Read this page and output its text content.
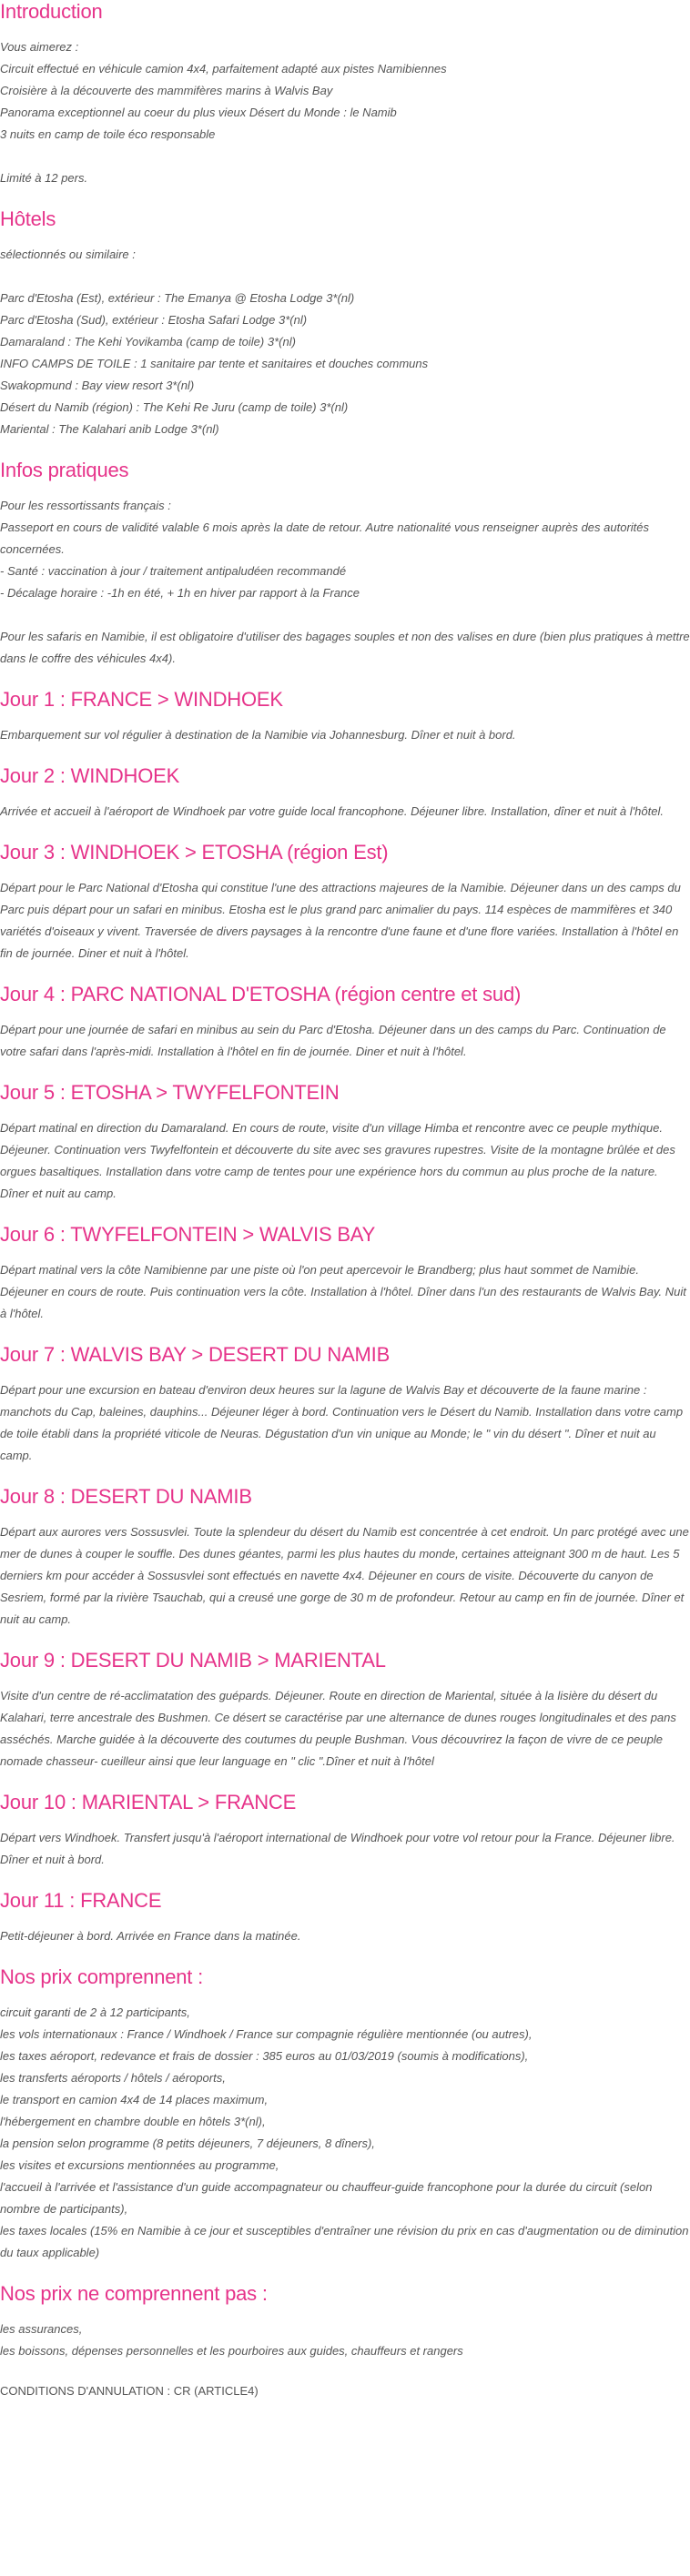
Introduction
Vous aimerez :
Circuit effectué en véhicule camion 4x4, parfaitement adapté aux pistes Namibiennes
Croisière à la découverte des mammifères marins à Walvis Bay
Panorama exceptionnel au coeur du plus vieux Désert du Monde : le Namib
3 nuits en camp de toile éco responsable
Limité à 12 pers.
Hôtels
sélectionnés ou similaire :
Parc d'Etosha (Est), extérieur : The Emanya @ Etosha Lodge 3*(nl)
Parc d'Etosha (Sud), extérieur : Etosha Safari Lodge 3*(nl)
Damaraland : The Kehi Yovikamba (camp de toile) 3*(nl)
INFO CAMPS DE TOILE : 1 sanitaire par tente et sanitaires et douches communs
Swakopmund : Bay view resort 3*(nl)
Désert du Namib (région) : The Kehi Re Juru (camp de toile) 3*(nl)
Mariental : The Kalahari anib Lodge 3*(nl)
Infos pratiques
Pour les ressortissants français :
Passeport en cours de validité valable 6 mois après la date de retour. Autre nationalité vous renseigner auprès des autorités concernées.
- Santé : vaccination à jour / traitement antipaludéen recommandé
- Décalage horaire : -1h en été, + 1h en hiver par rapport à la France
Pour les safaris en Namibie, il est obligatoire d'utiliser des bagages souples et non des valises en dure (bien plus pratiques à mettre dans le coffre des véhicules 4x4).
Jour 1 : FRANCE > WINDHOEK

Embarquement sur vol régulier à destination de la Namibie via Johannesburg. Dîner et nuit à bord.

Jour 2 : WINDHOEK

Arrivée et accueil à l'aéroport de Windhoek par votre guide local francophone. Déjeuner libre. Installation, dîner et nuit à l'hôtel.

Jour 3 : WINDHOEK > ETOSHA (région Est)

Départ pour le Parc National d'Etosha qui constitue l'une des attractions majeures de la Namibie. Déjeuner dans un des camps du Parc puis départ pour un safari en minibus. Etosha est le plus grand parc animalier du pays. 114 espèces de mammifères et 340 variétés d'oiseaux y vivent. Traversée de divers paysages à la rencontre d'une faune et d'une flore variées. Installation à l'hôtel en fin de journée. Diner et nuit à l'hôtel.

Jour 4 : PARC NATIONAL D'ETOSHA (région centre et sud)

Départ pour une journée de safari en minibus au sein du Parc d'Etosha. Déjeuner dans un des camps du Parc. Continuation de votre safari dans l'après-midi. Installation à l'hôtel en fin de journée. Diner et nuit à l'hôtel.

Jour 5 : ETOSHA > TWYFELFONTEIN

Départ matinal en direction du Damaraland. En cours de route, visite d'un village Himba et rencontre avec ce peuple mythique. Déjeuner. Continuation vers Twyfelfontein et découverte du site avec ses gravures rupestres. Visite de la montagne brûlée et des orgues basaltiques. Installation dans votre camp de tentes pour une expérience hors du commun au plus proche de la nature. Dîner et nuit au camp.

Jour 6 : TWYFELFONTEIN > WALVIS BAY

Départ matinal vers la côte Namibienne par une piste où l'on peut apercevoir le Brandberg; plus haut sommet de Namibie. Déjeuner en cours de route. Puis continuation vers la côte. Installation à l'hôtel. Dîner dans l'un des restaurants de Walvis Bay. Nuit à l'hôtel.

Jour 7 : WALVIS BAY > DESERT DU NAMIB

Départ pour une excursion en bateau d'environ deux heures sur la lagune de Walvis Bay et découverte de la faune marine : manchots du Cap, baleines, dauphins... Déjeuner léger à bord. Continuation vers le Désert du Namib. Installation dans votre camp de toile établi dans la propriété viticole de Neuras. Dégustation d'un vin unique au Monde; le " vin du désert ". Dîner et nuit au camp.

Jour 8 : DESERT DU NAMIB

Départ aux aurores vers Sossusvlei. Toute la splendeur du désert du Namib est concentrée à cet endroit. Un parc protégé avec une mer de dunes à couper le souffle. Des dunes géantes, parmi les plus hautes du monde, certaines atteignant 300 m de haut. Les 5 derniers km pour accéder à Sossusvlei sont effectués en navette 4x4. Déjeuner en cours de visite. Découverte du canyon de Sesriem, formé par la rivière Tsauchab, qui a creusé une gorge de 30 m de profondeur. Retour au camp en fin de journée. Dîner et nuit au camp.

Jour 9 : DESERT DU NAMIB > MARIENTAL

Visite d'un centre de ré-acclimatation des guépards. Déjeuner. Route en direction de Mariental, située à la lisière du désert du Kalahari, terre ancestrale des Bushmen. Ce désert se caractérise par une alternance de dunes rouges longitudinales et des pans asséchés. Marche guidée à la découverte des coutumes du peuple Bushman. Vous découvrirez la façon de vivre de ce peuple nomade chasseur- cueilleur ainsi que leur language en " clic ".Dîner et nuit à l'hôtel

Jour 10 : MARIENTAL > FRANCE

Départ vers Windhoek. Transfert jusqu'à l'aéroport international de Windhoek pour votre vol retour pour la France. Déjeuner libre. Dîner et nuit à bord.

Jour 11 : FRANCE

Petit-déjeuner à bord. Arrivée en France dans la matinée.

Nos prix comprennent :
circuit garanti de 2 à 12 participants,
les vols internationaux : France / Windhoek / France sur compagnie régulière mentionnée (ou autres),
les taxes aéroport, redevance et frais de dossier : 385 euros au 01/03/2019 (soumis à modifications),
les transferts aéroports / hôtels / aéroports,
le transport en camion 4x4 de 14 places maximum,
l'hébergement en chambre double en hôtels 3*(nl),
la pension selon programme (8 petits déjeuners, 7 déjeuners, 8 dîners),
les visites et excursions mentionnées au programme,
l'accueil à l'arrivée et l'assistance d'un guide accompagnateur ou chauffeur-guide francophone pour la durée du circuit (selon nombre de participants),
les taxes locales (15% en Namibie à ce jour et susceptibles d'entraîner une révision du prix en cas d'augmentation ou de diminution du taux applicable)
Nos prix ne comprennent pas :
les assurances,
les boissons, dépenses personnelles et les pourboires aux guides, chauffeurs et rangers
CONDITIONS D'ANNULATION : CR (ARTICLE4)
